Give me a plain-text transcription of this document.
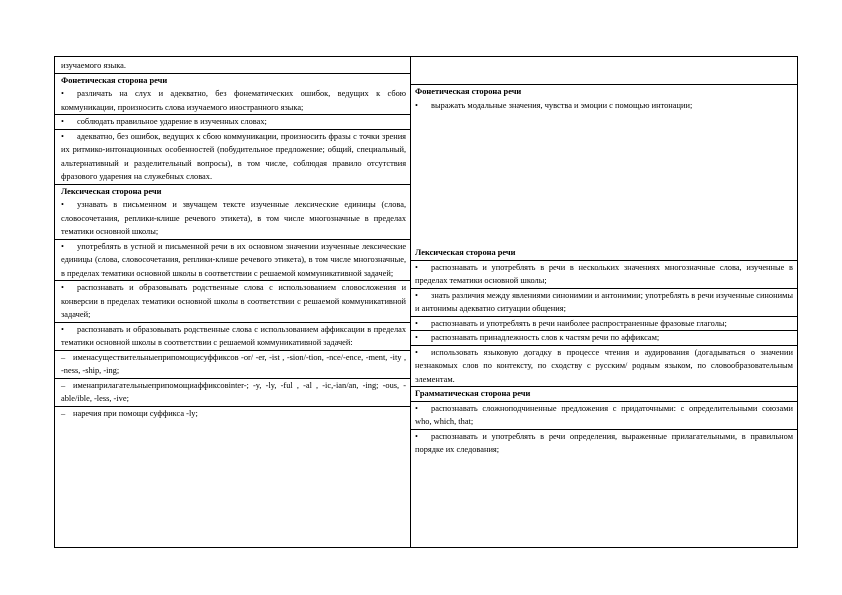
изучаемого языка.

Фонетическая сторона речи

• различать на слух и адекватно, без фонематических ошибок, ведущих к сбою коммуникации, произносить слова изучаемого иностранного языка;

• соблюдать правильное ударение в изученных словах;

• адекватно, без ошибок, ведущих к сбою коммуникации, произносить фразы с точки зрения их ритмико-интонационных особенностей (побудительное предложение; общий, специальный, альтернативный и разделительный вопросы), в том числе, соблюдая правило отсутствия фразового ударения на служебных словах.

Лексическая сторона речи

• узнавать в письменном и звучащем тексте изученные лексические единицы (слова, словосочетания, реплики-клише речевого этикета), в том числе многозначные в пределах тематики основной школы;

• употреблять в устной и письменной речи в их основном значении изученные лексические единицы (слова, словосочетания, реплики-клише речевого этикета), в том числе многозначные, в пределах тематики основной школы в соответствии с решаемой коммуникативной задачей;

• распознавать и образовывать родственные слова с использованием словосложения и конверсии в пределах тематики основной школы в соответствии с решаемой коммуникативной задачей;

• распознавать и образовывать родственные слова с использованием аффиксации в пределах тематики основной школы в соответствии с решаемой коммуникативной задачей:

– именасуществительныеприпомощисуффиксов -or/ -er, -ist , -sion/-tion, -nce/-ence, -ment, -ity , -ness, -ship, -ing;

– именаприлагательныеприпомощиаффиксовinter-; -y, -ly, -ful , -al , -ic,-ian/an, -ing; -ous, -able/ible, -less, -ive;

– наречия при помощи суффикса -ly;

Фонетическая сторона речи

• выражать модальные значения, чувства и эмоции с помощью интонации;

Лексическая сторона речи

• распознавать и употреблять в речи в нескольких значениях многозначные слова, изученные в пределах тематики основной школы;

• знать различия между явлениями синонимии и антонимии; употреблять в речи изученные синонимы и антонимы адекватно ситуации общения;

• распознавать и употреблять в речи наиболее распространенные фразовые глаголы;

• распознавать принадлежность слов к частям речи по аффиксам;

• использовать языковую догадку в процессе чтения и аудирования (догадываться о значении незнакомых слов по контексту, по сходству с русским/ родным языком, по словообразовательным элементам.

Грамматическая сторона речи

• распознавать сложноподчиненные предложения с придаточными: с определительными союзами who, which, that;

• распознавать и употреблять в речи определения, выраженные прилагательными, в правильном порядке их следования;
